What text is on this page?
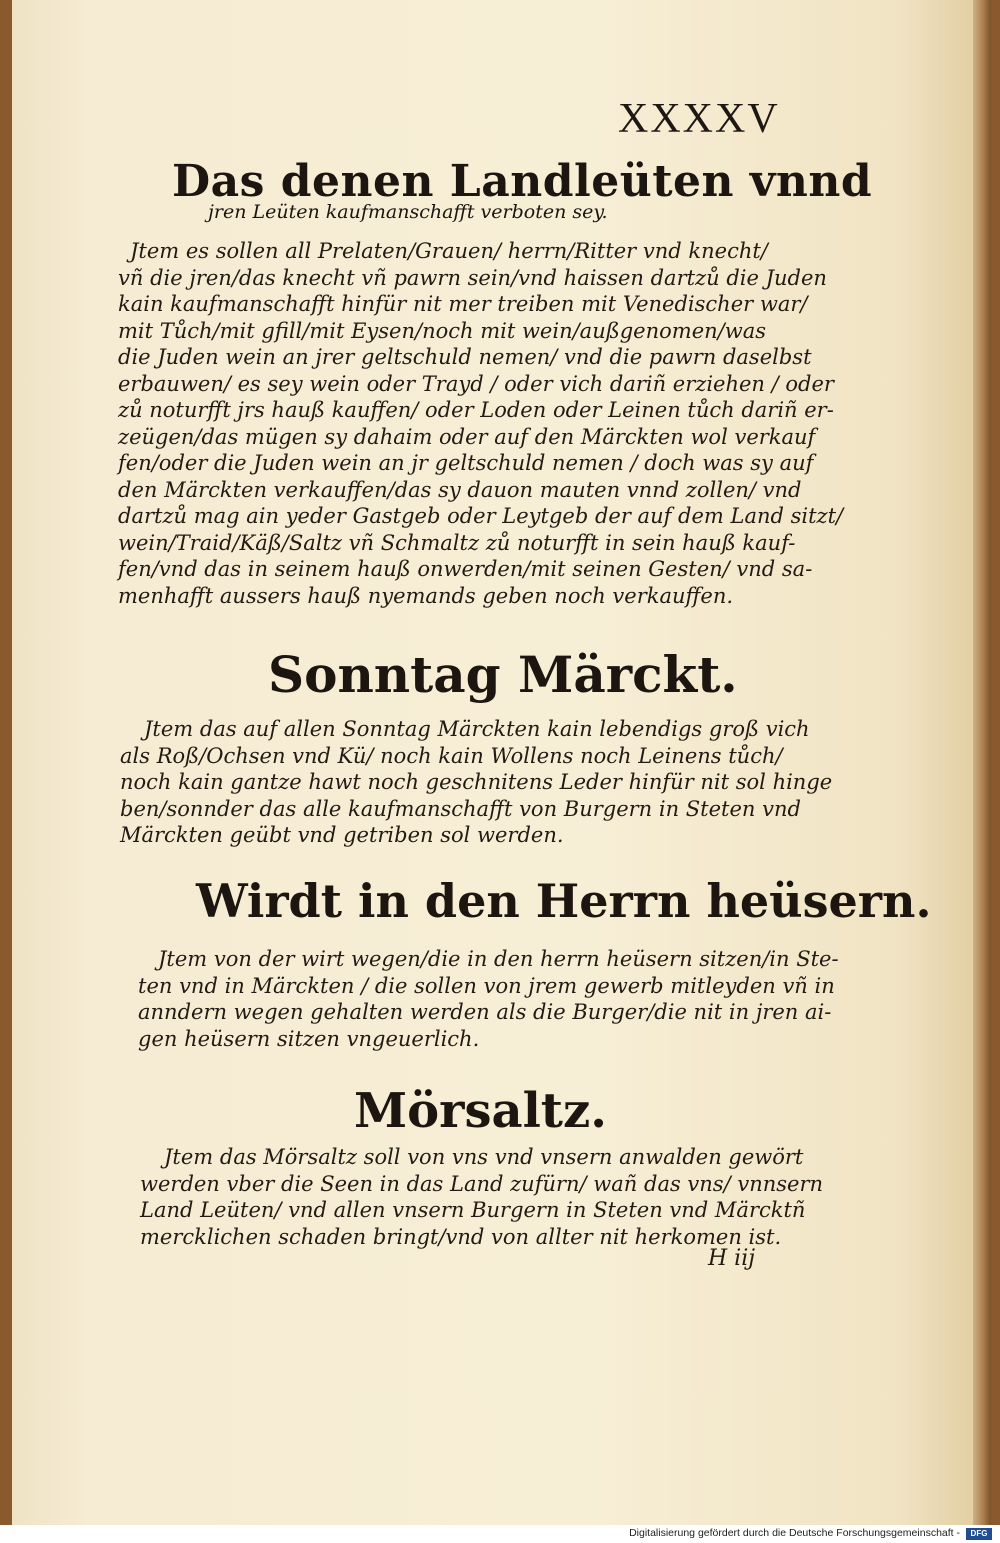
XXXXV
Das denen Landleüten vnnd
jren Leüten kaufmanschafft verboten sey.
Jtem es sollen all Prelaten/Grauen/ herrn/Ritter vnd knecht/
vñ die jren/das knecht vñ pawrn sein/vnd haissen dartzů die Juden
kain kaufmanschafft hinfür nit mer treiben mit Venedischer war/
mit Tůch/mit gfill/mit Eysen/noch mit wein/außgenomen/was
die Juden wein an jrer geltschuld nemen/ vnd die pawrn daselbst
erbauwen/ es sey wein oder Trayd / oder vich dariñ erziehen / oder
zů noturfft jrs hauß kauffen/ oder Loden oder Leinen tůch dariñ er-
zeügen/das mügen sy dahaim oder auf den Märckten wol verkauf
fen/oder die Juden wein an jr geltschuld nemen / doch was sy auf
den Märckten verkauffen/das sy dauon mauten vnnd zollen/ vnd
dartzů mag ain yeder Gastgeb oder Leytgeb der auf dem Land sitzt/
wein/Traid/Käß/Saltz vñ Schmaltz zů noturfft in sein hauß kauf-
fen/vnd das in seinem hauß onwerden/mit seinen Gesten/ vnd sa-
menhafft aussers hauß nyemands geben noch verkauffen.
Sonntag Märckt.
Jtem das auf allen Sonntag Märckten kain lebendigs groß vich
als Roß/Ochsen vnd Kü/ noch kain Wollens noch Leinens tůch/
noch kain gantze hawt noch geschnitens Leder hinfür nit sol hinge
ben/sonnder das alle kaufmanschafft von Burgern in Steten vnd
Märckten geübt vnd getriben sol werden.
Wirdt in den Herrn heüsern.
Jtem von der wirt wegen/die in den herrn heüsern sitzen/in Ste-
ten vnd in Märckten / die sollen von jrem gewerb mitleyden vñ in
anndern wegen gehalten werden als die Burger/die nit in jren ai-
gen heüsern sitzen vngeuerlich.
Mörsaltz.
Jtem das Mörsaltz soll von vns vnd vnsern anwalden gewört
werden vber die Seen in das Land zufürn/ wañ das vns/ vnnsern
Land Leüten/ vnd allen vnsern Burgern in Steten vnd Märcktñ
mercklichen schaden bringt/vnd von allter nit herkomen ist.
H iij
Digitalisierung gefördert durch die Deutsche Forschungsgemeinschaft -	DFG
